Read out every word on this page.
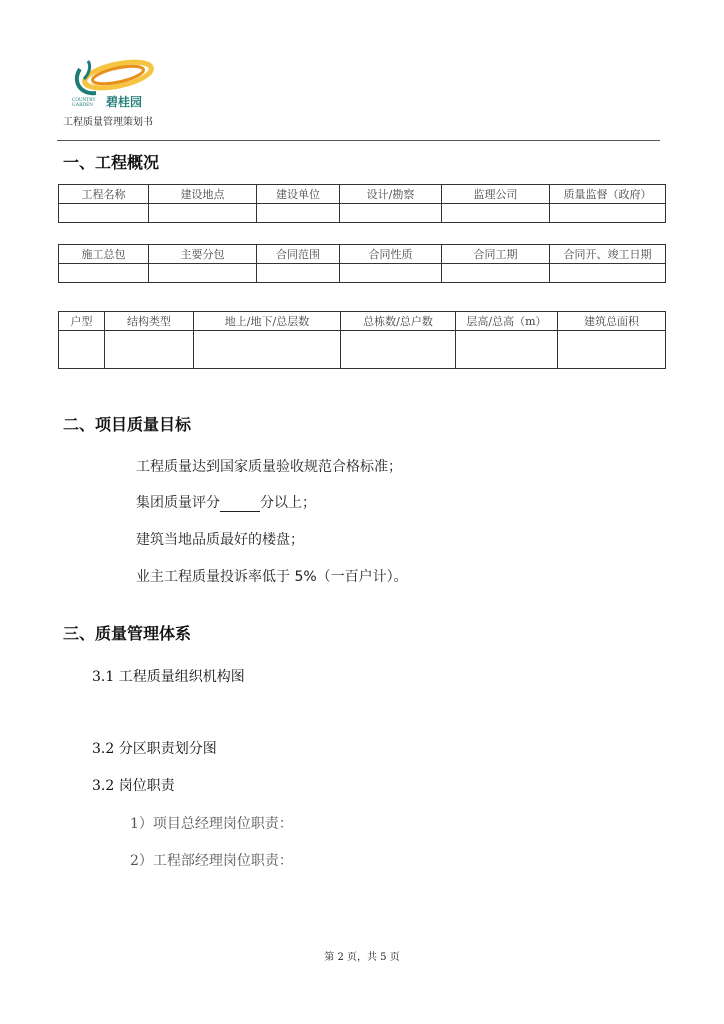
COUNTRY
GARDEN 碧桂园
工程质量管理策划书
一、工程概况
工程名称	建设地点	建设单位	设计/勘察	监理公司	质量监督（政府）

施工总包	主要分包	合同范围	合同性质	合同工期	合同开、竣工日期

户型	结构类型	地上/地下/总层数	总栋数/总户数	层高/总高（m）	建筑总面积

二、项目质量目标
工程质量达到国家质量验收规范合格标准；
集团质量评分	分以上；
建筑当地品质最好的楼盘；
业主工程质量投诉率低于 5%（一百户计）。
三、质量管理体系
3.1 工程质量组织机构图
3.2 分区职责划分图
3.2 岗位职责
1）项目总经理岗位职责：
2）工程部经理岗位职责：
第 2 页，共 5 页
